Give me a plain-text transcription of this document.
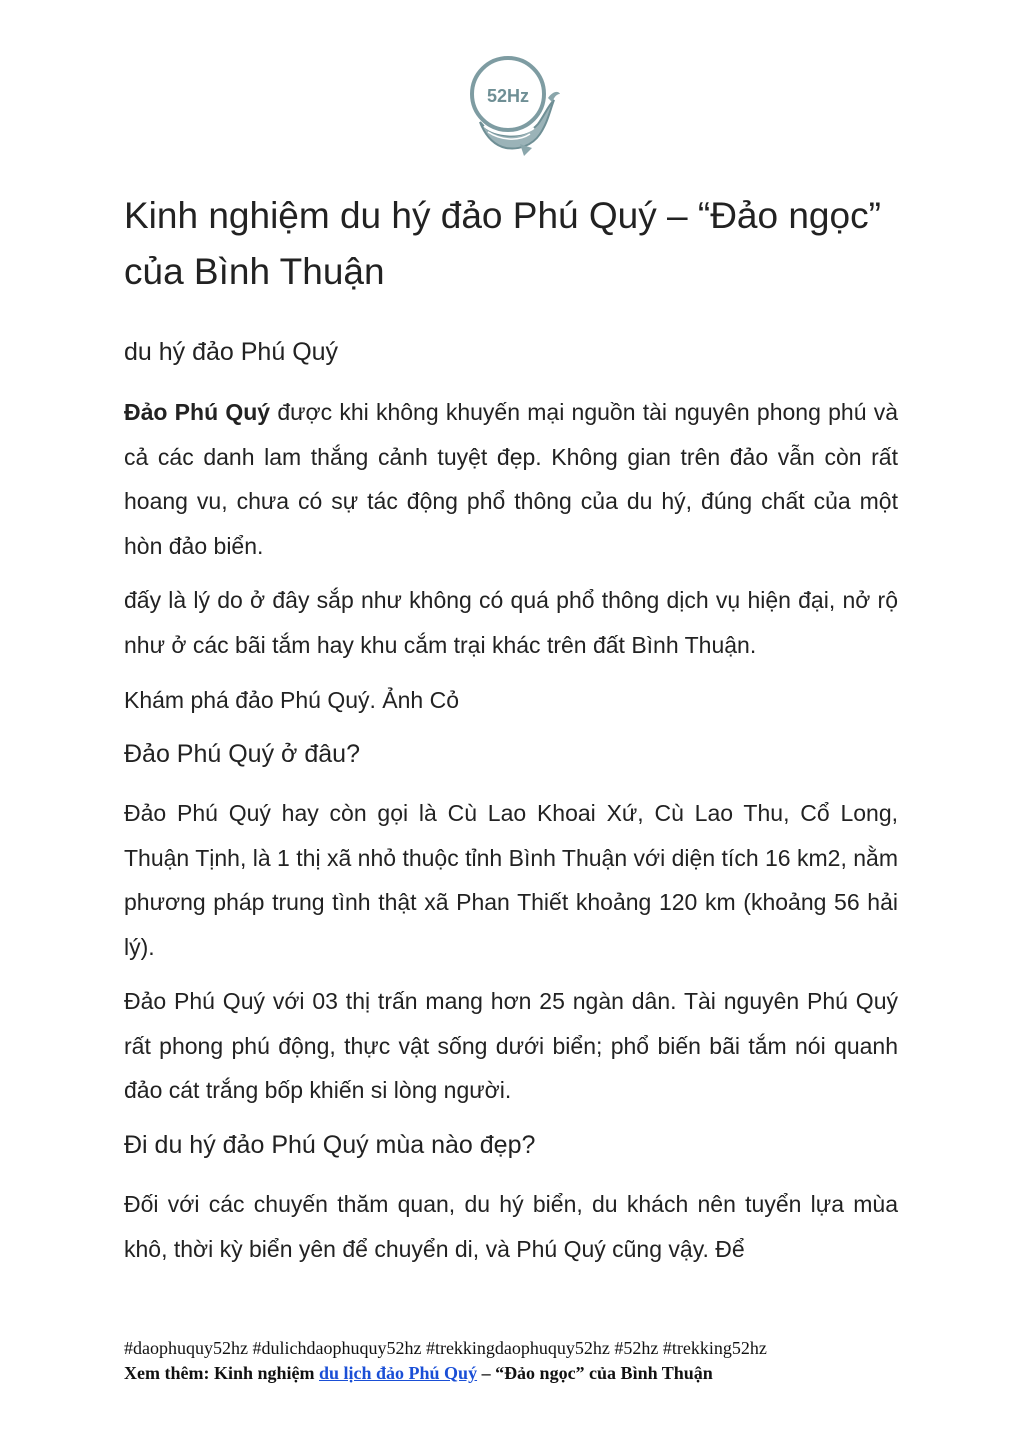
52Hz
Kinh nghiệm du hý đảo Phú Quý – “Đảo ngọc” của Bình Thuận
du hý đảo Phú Quý

Đảo Phú Quý được khi không khuyến mại nguồn tài nguyên phong phú và cả các danh lam thắng cảnh tuyệt đẹp. Không gian trên đảo vẫn còn rất hoang vu, chưa có sự tác động phổ thông của du hý, đúng chất của một hòn đảo biển.

đấy là lý do ở đây sắp như không có quá phổ thông dịch vụ hiện đại, nở rộ như ở các bãi tắm hay khu cắm trại khác trên đất Bình Thuận.

Khám phá đảo Phú Quý. Ảnh Cỏ

Đảo Phú Quý ở đâu?

Đảo Phú Quý hay còn gọi là Cù Lao Khoai Xứ, Cù Lao Thu, Cổ Long, Thuận Tịnh, là 1 thị xã nhỏ thuộc tỉnh Bình Thuận với diện tích 16 km2, nằm phương pháp trung tình thật xã Phan Thiết khoảng 120 km (khoảng 56 hải lý).

Đảo Phú Quý với 03 thị trấn mang hơn 25 ngàn dân. Tài nguyên Phú Quý rất phong phú động, thực vật sống dưới biển; phổ biến bãi tắm nói quanh đảo cát trắng bốp khiến si lòng người.

Đi du hý đảo Phú Quý mùa nào đẹp?

Đối với các chuyến thăm quan, du hý biển, du khách nên tuyển lựa mùa khô, thời kỳ biển yên để chuyển di, và Phú Quý cũng vậy. Để

#daophuquy52hz #dulichdaophuquy52hz #trekkingdaophuquy52hz #52hz #trekking52hz
Xem thêm: Kinh nghiệm du lịch đảo Phú Quý – “Đảo ngọc” của Bình Thuận
